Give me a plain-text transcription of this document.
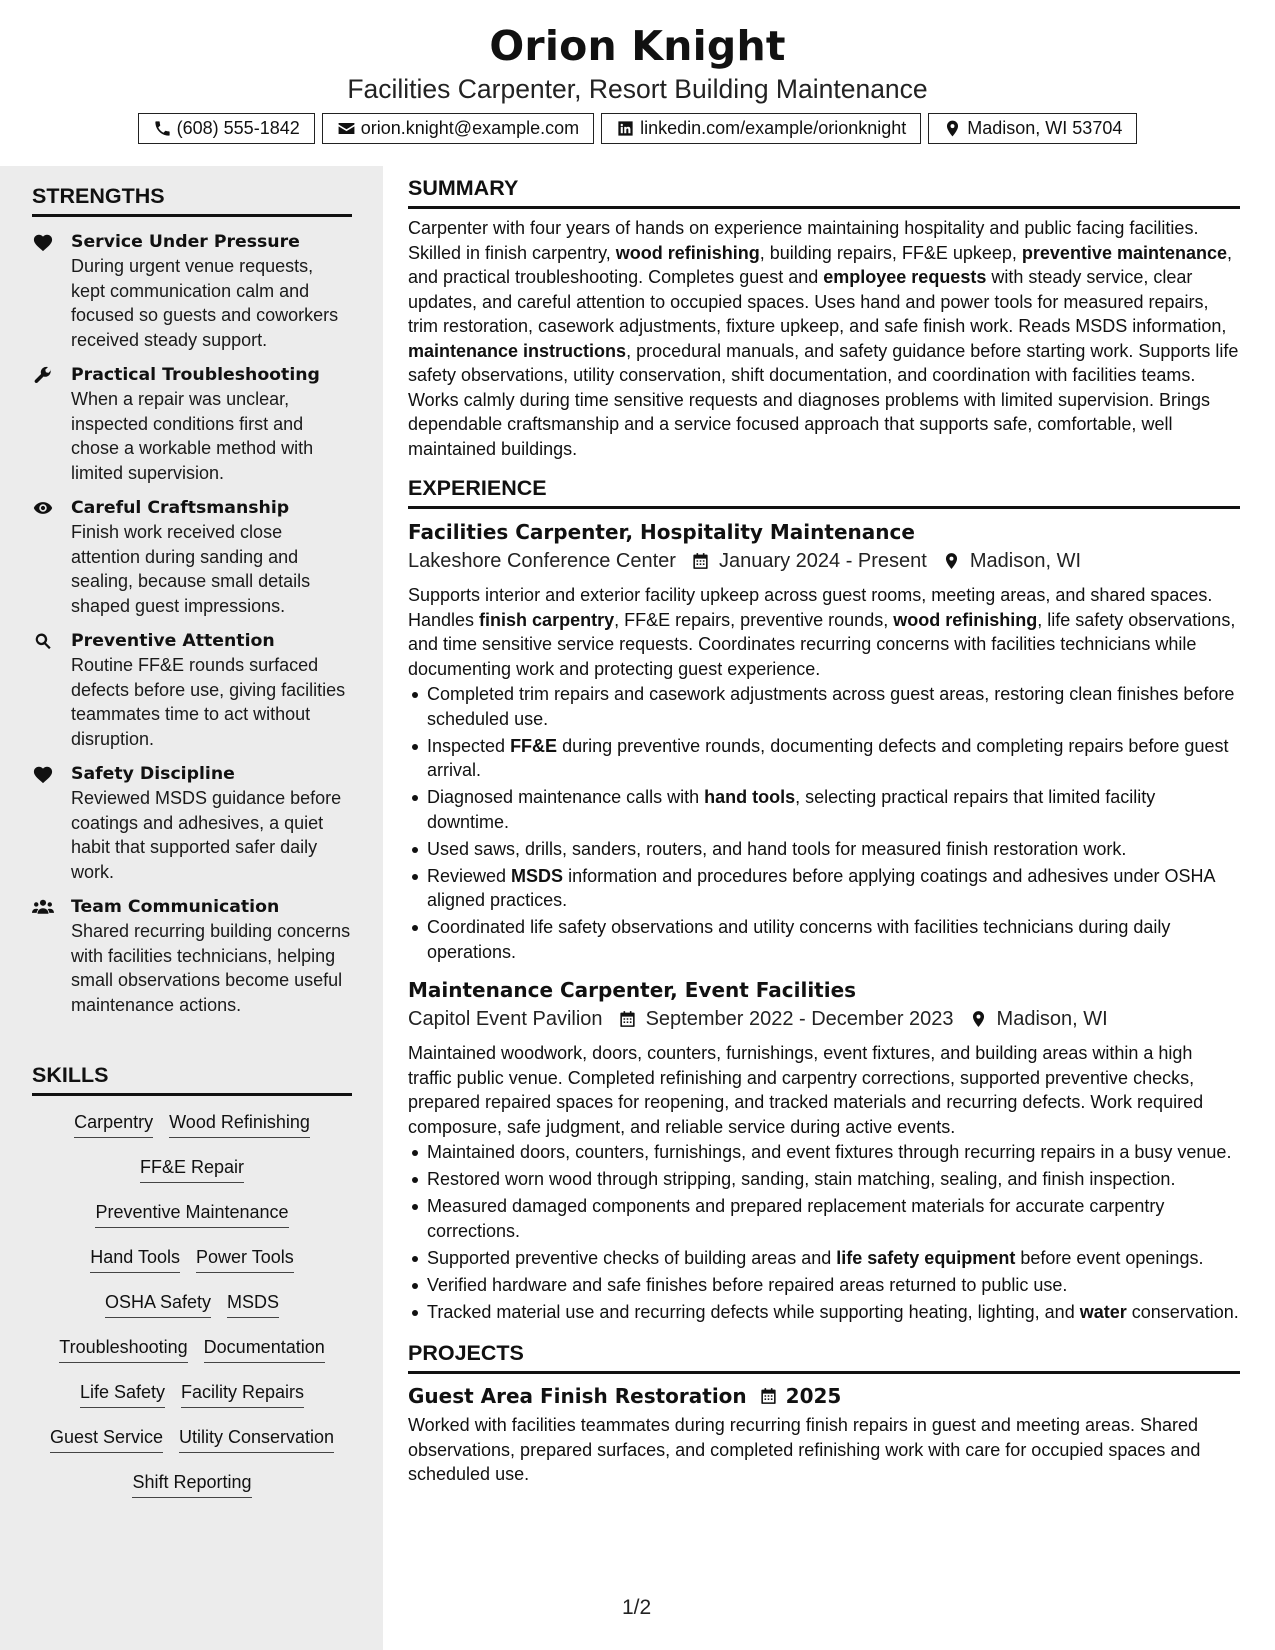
Orion Knight
Facilities Carpenter, Resort Building Maintenance
(608) 555-1842	orion.knight@example.com	linkedin.com/example/orionknight	Madison, WI 53704
STRENGTHS
Service Under Pressure
During urgent venue requests, kept communication calm and focused so guests and coworkers received steady support.
Practical Troubleshooting
When a repair was unclear, inspected conditions first and chose a workable method with limited supervision.
Careful Craftsmanship
Finish work received close attention during sanding and sealing, because small details shaped guest impressions.
Preventive Attention
Routine FF&E rounds surfaced defects before use, giving facilities teammates time to act without disruption.
Safety Discipline
Reviewed MSDS guidance before coatings and adhesives, a quiet habit that supported safer daily work.
Team Communication
Shared recurring building concerns with facilities technicians, helping small observations become useful maintenance actions.
SKILLS
Carpentry Wood Refinishing
FF&E Repair
Preventive Maintenance
Hand Tools Power Tools
OSHA Safety MSDS
Troubleshooting Documentation
Life Safety Facility Repairs
Guest Service Utility Conservation
Shift Reporting
SUMMARY
Carpenter with four years of hands on experience maintaining hospitality and public facing facilities. Skilled in finish carpentry, wood refinishing, building repairs, FF&E upkeep, preventive maintenance, and practical troubleshooting. Completes guest and employee requests with steady service, clear updates, and careful attention to occupied spaces. Uses hand and power tools for measured repairs, trim restoration, casework adjustments, fixture upkeep, and safe finish work. Reads MSDS information, maintenance instructions, procedural manuals, and safety guidance before starting work. Supports life safety observations, utility conservation, shift documentation, and coordination with facilities teams. Works calmly during time sensitive requests and diagnoses problems with limited supervision. Brings dependable craftsmanship and a service focused approach that supports safe, comfortable, well maintained buildings.
EXPERIENCE
Facilities Carpenter, Hospitality Maintenance
Lakeshore Conference Center January 2024 - Present Madison, WI
Supports interior and exterior facility upkeep across guest rooms, meeting areas, and shared spaces. Handles finish carpentry, FF&E repairs, preventive rounds, wood refinishing, life safety observations, and time sensitive service requests. Coordinates recurring concerns with facilities technicians while documenting work and protecting guest experience.
Completed trim repairs and casework adjustments across guest areas, restoring clean finishes before scheduled use.
Inspected FF&E during preventive rounds, documenting defects and completing repairs before guest arrival.
Diagnosed maintenance calls with hand tools, selecting practical repairs that limited facility downtime.
Used saws, drills, sanders, routers, and hand tools for measured finish restoration work.
Reviewed MSDS information and procedures before applying coatings and adhesives under OSHA aligned practices.
Coordinated life safety observations and utility concerns with facilities technicians during daily operations.
Maintenance Carpenter, Event Facilities
Capitol Event Pavilion September 2022 - December 2023 Madison, WI
Maintained woodwork, doors, counters, furnishings, event fixtures, and building areas within a high traffic public venue. Completed refinishing and carpentry corrections, supported preventive checks, prepared repaired spaces for reopening, and tracked materials and recurring defects. Work required composure, safe judgment, and reliable service during active events.
Maintained doors, counters, furnishings, and event fixtures through recurring repairs in a busy venue.
Restored worn wood through stripping, sanding, stain matching, sealing, and finish inspection.
Measured damaged components and prepared replacement materials for accurate carpentry corrections.
Supported preventive checks of building areas and life safety equipment before event openings.
Verified hardware and safe finishes before repaired areas returned to public use.
Tracked material use and recurring defects while supporting heating, lighting, and water conservation.
PROJECTS
Guest Area Finish Restoration 2025
Worked with facilities teammates during recurring finish repairs in guest and meeting areas. Shared observations, prepared surfaces, and completed refinishing work with care for occupied spaces and scheduled use.
1/2
